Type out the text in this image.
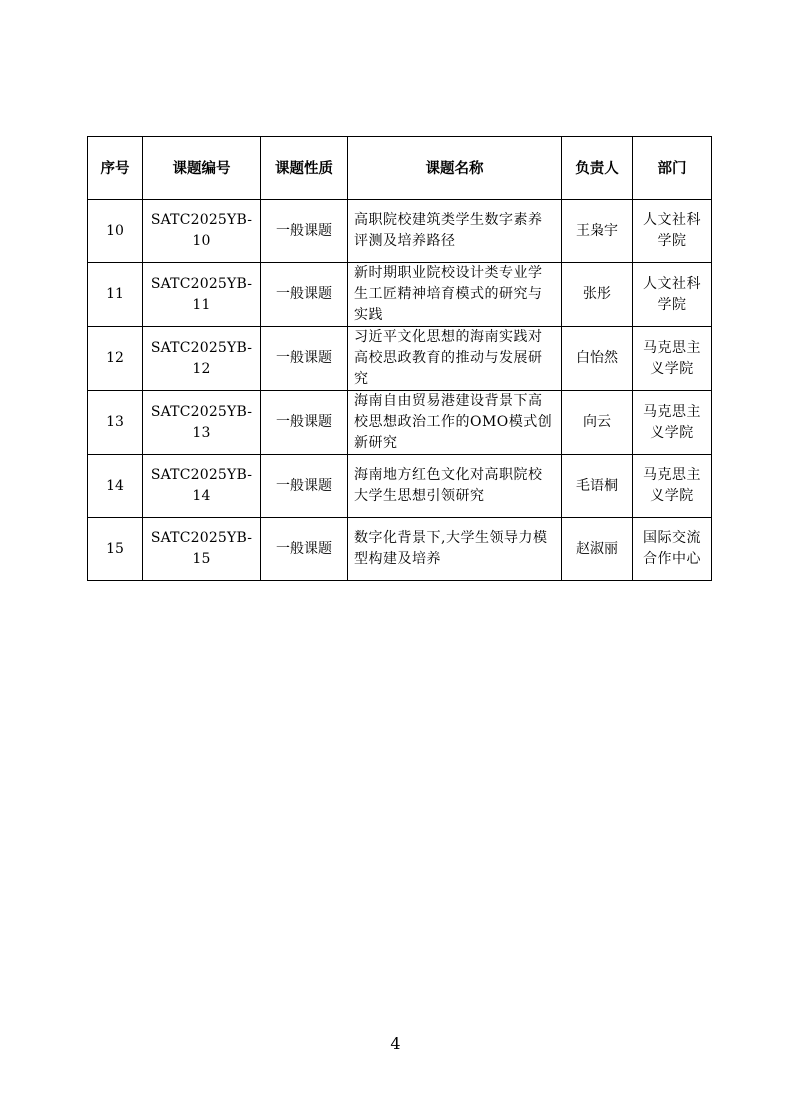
序号	课题编号	课题性质	课题名称	负责人	部门
10	SATC2025YB-10	一般课题	高职院校建筑类学生数字素养评测及培养路径	王枭宇	人文社科学院
11	SATC2025YB-11	一般课题	新时期职业院校设计类专业学生工匠精神培育模式的研究与实践	张彤	人文社科学院
12	SATC2025YB-12	一般课题	习近平文化思想的海南实践对高校思政教育的推动与发展研究	白怡然	马克思主义学院
13	SATC2025YB-13	一般课题	海南自由贸易港建设背景下高校思想政治工作的OMO模式创新研究	向云	马克思主义学院
14	SATC2025YB-14	一般课题	海南地方红色文化对高职院校大学生思想引领研究	毛语桐	马克思主义学院
15	SATC2025YB-15	一般课题	数字化背景下,大学生领导力模型构建及培养	赵淑丽	国际交流合作中心
4
